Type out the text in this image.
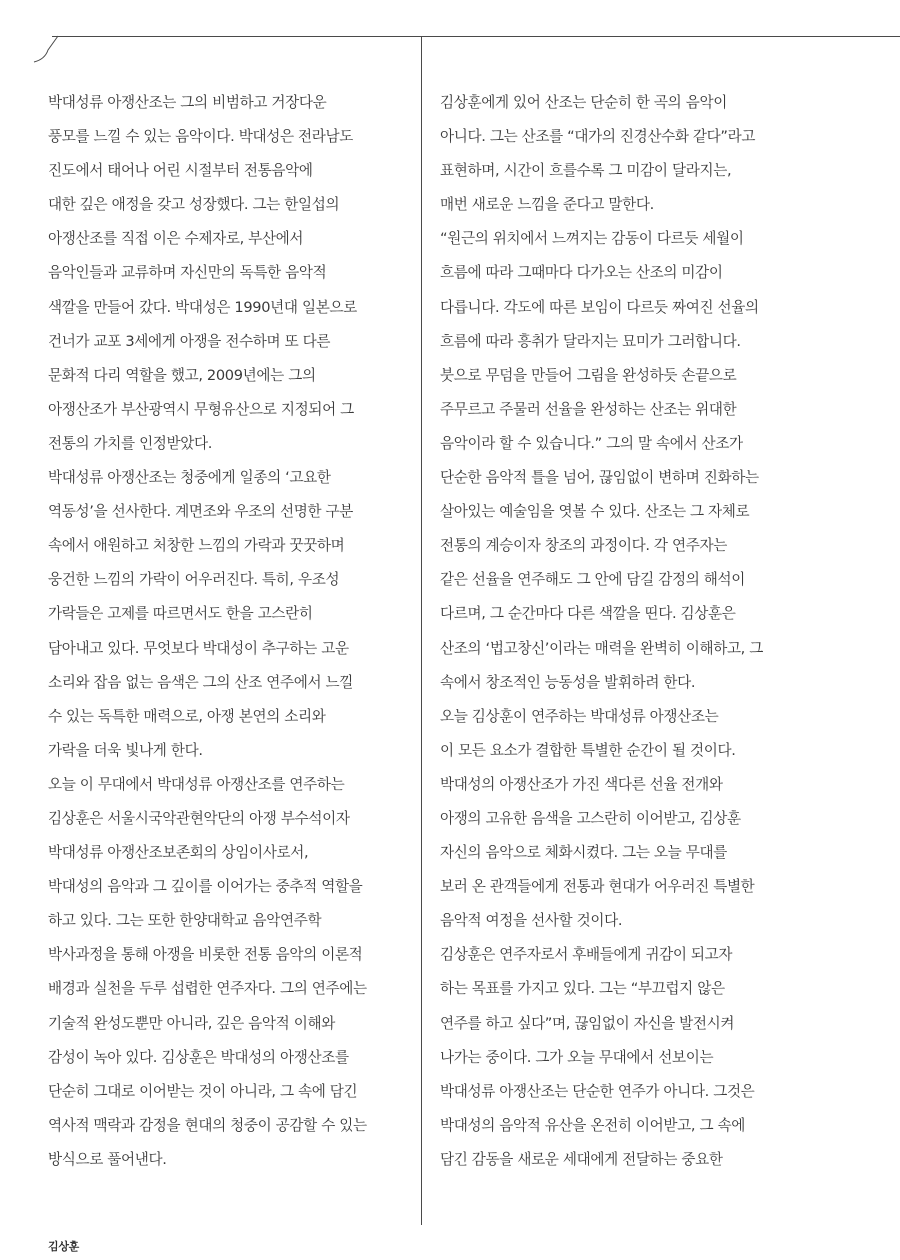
박대성류 아쟁산조는 그의 비범하고 거장다운
풍모를 느낄 수 있는 음악이다. 박대성은 전라남도
진도에서 태어나 어린 시절부터 전통음악에
대한 깊은 애정을 갖고 성장했다. 그는 한일섭의
아쟁산조를 직접 이은 수제자로, 부산에서
음악인들과 교류하며 자신만의 독특한 음악적
색깔을 만들어 갔다. 박대성은 1990년대 일본으로
건너가 교포 3세에게 아쟁을 전수하며 또 다른
문화적 다리 역할을 했고, 2009년에는 그의
아쟁산조가 부산광역시 무형유산으로 지정되어 그
전통의 가치를 인정받았다.
박대성류 아쟁산조는 청중에게 일종의 ‘고요한
역동성’을 선사한다. 계면조와 우조의 선명한 구분
속에서 애원하고 처창한 느낌의 가락과 꿋꿋하며
웅건한 느낌의 가락이 어우러진다. 특히, 우조성
가락들은 고제를 따르면서도 한을 고스란히
담아내고 있다. 무엇보다 박대성이 추구하는 고운
소리와 잡음 없는 음색은 그의 산조 연주에서 느낄
수 있는 독특한 매력으로, 아쟁 본연의 소리와
가락을 더욱 빛나게 한다.
오늘 이 무대에서 박대성류 아쟁산조를 연주하는
김상훈은 서울시국악관현악단의 아쟁 부수석이자
박대성류 아쟁산조보존회의 상임이사로서,
박대성의 음악과 그 깊이를 이어가는 중추적 역할을
하고 있다. 그는 또한 한양대학교 음악연주학
박사과정을 통해 아쟁을 비롯한 전통 음악의 이론적
배경과 실천을 두루 섭렵한 연주자다. 그의 연주에는
기술적 완성도뿐만 아니라, 깊은 음악적 이해와
감성이 녹아 있다. 김상훈은 박대성의 아쟁산조를
단순히 그대로 이어받는 것이 아니라, 그 속에 담긴
역사적 맥락과 감정을 현대의 청중이 공감할 수 있는
방식으로 풀어낸다.
김상훈에게 있어 산조는 단순히 한 곡의 음악이
아니다. 그는 산조를 “대가의 진경산수화 같다”라고
표현하며, 시간이 흐를수록 그 미감이 달라지는,
매번 새로운 느낌을 준다고 말한다.
“원근의 위치에서 느껴지는 감동이 다르듯 세월이
흐름에 따라 그때마다 다가오는 산조의 미감이
다릅니다. 각도에 따른 보임이 다르듯 짜여진 선율의
흐름에 따라 흥취가 달라지는 묘미가 그러합니다.
붓으로 무덤을 만들어 그림을 완성하듯 손끝으로
주무르고 주물러 선율을 완성하는 산조는 위대한
음악이라 할 수 있습니다.” 그의 말 속에서 산조가
단순한 음악적 틀을 넘어, 끊임없이 변하며 진화하는
살아있는 예술임을 엿볼 수 있다. 산조는 그 자체로
전통의 계승이자 창조의 과정이다. 각 연주자는
같은 선율을 연주해도 그 안에 담길 감정의 해석이
다르며, 그 순간마다 다른 색깔을 띤다. 김상훈은
산조의 ‘법고창신’이라는 매력을 완벽히 이해하고, 그
속에서 창조적인 능동성을 발휘하려 한다.
오늘 김상훈이 연주하는 박대성류 아쟁산조는
이 모든 요소가 결합한 특별한 순간이 될 것이다.
박대성의 아쟁산조가 가진 색다른 선율 전개와
아쟁의 고유한 음색을 고스란히 이어받고, 김상훈
자신의 음악으로 체화시켰다. 그는 오늘 무대를
보러 온 관객들에게 전통과 현대가 어우러진 특별한
음악적 여정을 선사할 것이다.
김상훈은 연주자로서 후배들에게 귀감이 되고자
하는 목표를 가지고 있다. 그는 “부끄럽지 않은
연주를 하고 싶다”며, 끊임없이 자신을 발전시켜
나가는 중이다. 그가 오늘 무대에서 선보이는
박대성류 아쟁산조는 단순한 연주가 아니다. 그것은
박대성의 음악적 유산을 온전히 이어받고, 그 속에
담긴 감동을 새로운 세대에게 전달하는 중요한
김상훈
